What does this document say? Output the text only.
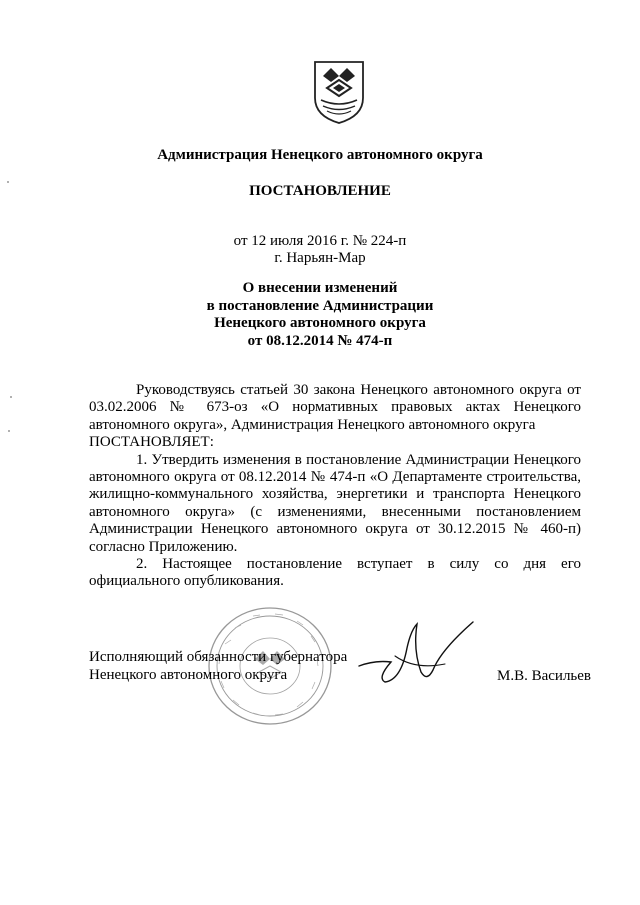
Администрация Ненецкого автономного округа
ПОСТАНОВЛЕНИЕ
от 12 июля 2016 г. № 224-п
г. Нарьян-Мар
О внесении изменений
в постановление Администрации
Ненецкого автономного округа
от 08.12.2014 № 474-п

Руководствуясь статьей 30 закона Ненецкого автономного округа от 03.02.2006 № 673-оз «О нормативных правовых актах Ненецкого автономного округа», Администрация Ненецкого автономного округа

ПОСТАНОВЛЯЕТ:

1. Утвердить изменения в постановление Администрации Ненецкого автономного округа от 08.12.2014 № 474-п «О Департаменте строительства, жилищно-коммунального хозяйства, энергетики и транспорта Ненецкого автономного округа» (с изменениями, внесенными постановлением Администрации Ненецкого автономного округа от 30.12.2015 № 460-п) согласно Приложению.

2. Настоящее постановление вступает в силу со дня его официального опубликования.

Исполняющий обязанности губернатора
Ненецкого автономного округа	М.В. Васильев
